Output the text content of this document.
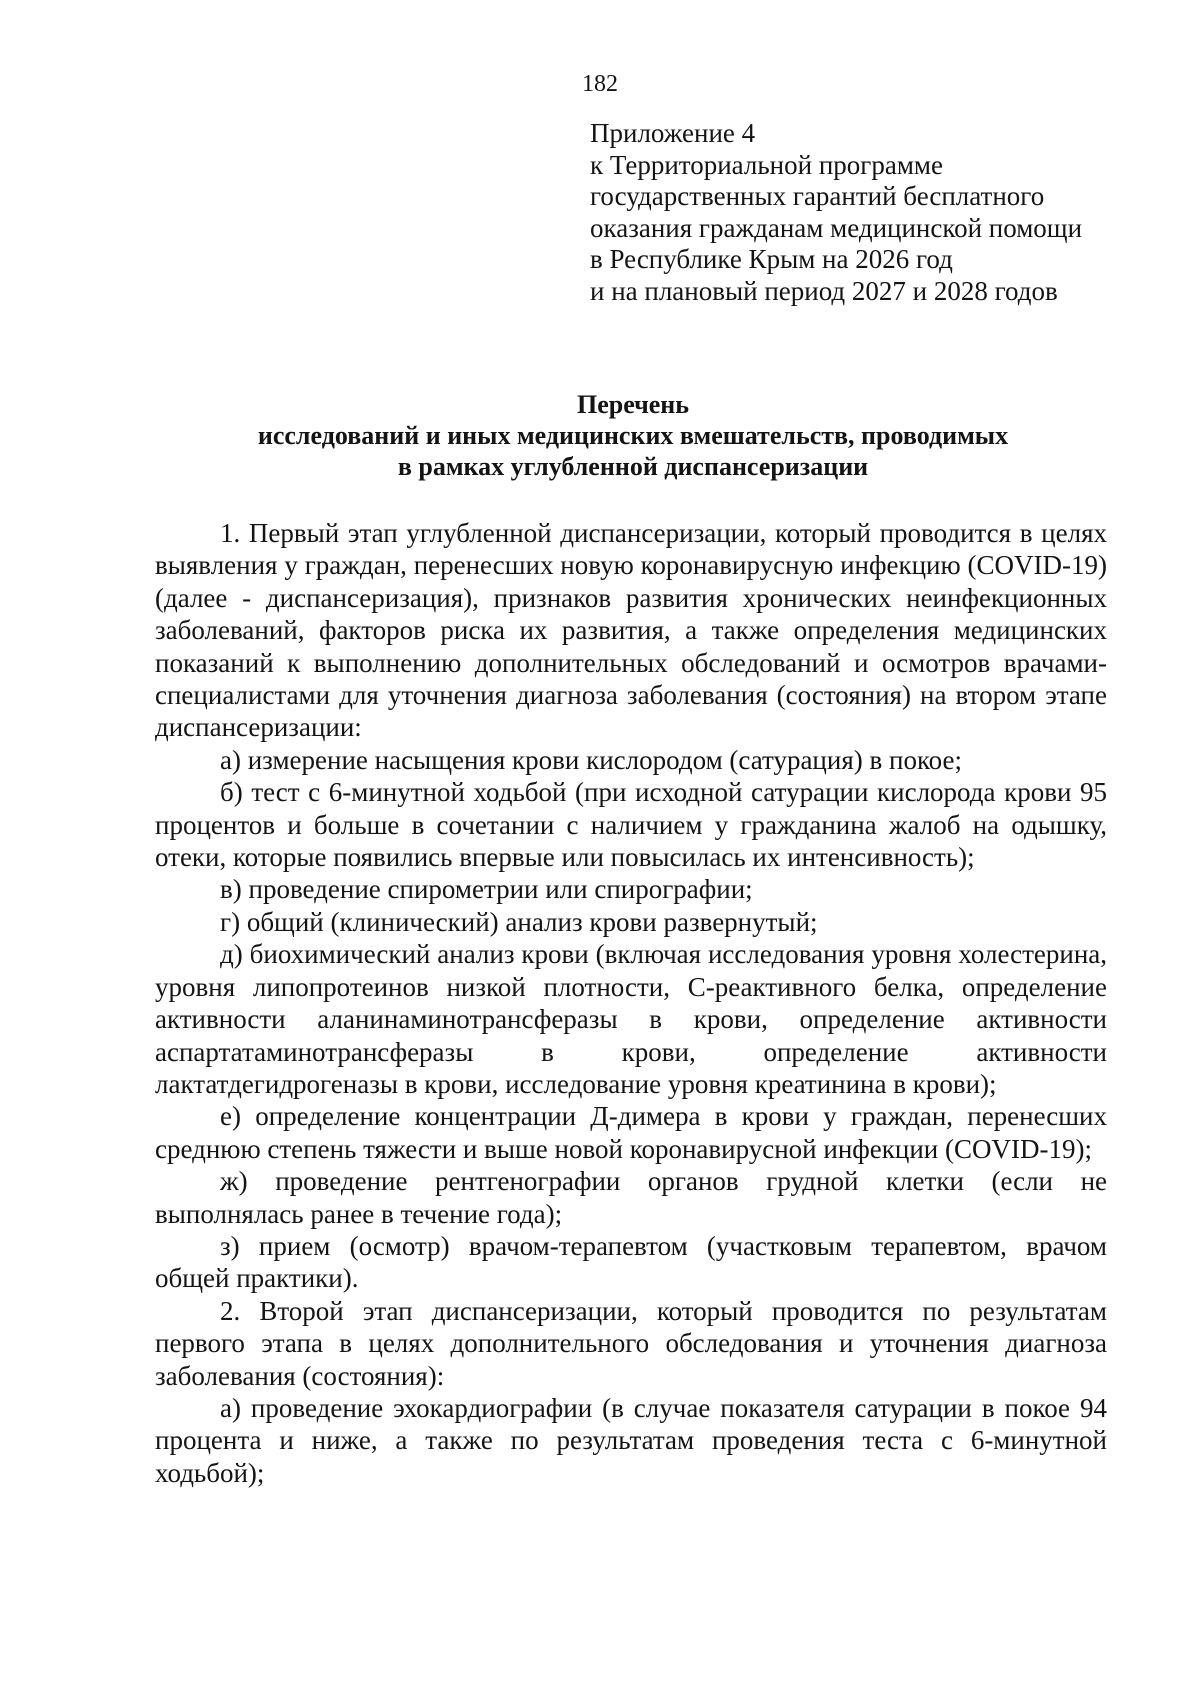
182
Приложение 4
к Территориальной программе
государственных гарантий бесплатного
оказания гражданам медицинской помощи
в Республике Крым на 2026 год
и на плановый период 2027 и 2028 годов
Перечень
исследований и иных медицинских вмешательств, проводимых
в рамках углубленной диспансеризации

1. Первый этап углубленной диспансеризации, который проводится в целях выявления у граждан, перенесших новую коронавирусную инфекцию (COVID-19) (далее - диспансеризация), признаков развития хронических неинфекционных заболеваний, факторов риска их развития, а также определения медицинских показаний к выполнению дополнительных обследований и осмотров врачами-специалистами для уточнения диагноза заболевания (состояния) на втором этапе диспансеризации:

а) измерение насыщения крови кислородом (сатурация) в покое;

б) тест с 6-минутной ходьбой (при исходной сатурации кислорода крови 95 процентов и больше в сочетании с наличием у гражданина жалоб на одышку, отеки, которые появились впервые или повысилась их интенсивность);

в) проведение спирометрии или спирографии;

г) общий (клинический) анализ крови развернутый;

д) биохимический анализ крови (включая исследования уровня холестерина, уровня липопротеинов низкой плотности, С-реактивного белка, определение активности аланинаминотрансферазы в крови, определение активности аспартатаминотрансферазы в крови, определение активности лактатдегидрогеназы в крови, исследование уровня креатинина в крови);

е) определение концентрации Д-димера в крови у граждан, перенесших среднюю степень тяжести и выше новой коронавирусной инфекции (COVID-19);

ж) проведение рентгенографии органов грудной клетки (если не выполнялась ранее в течение года);

з) прием (осмотр) врачом-терапевтом (участковым терапевтом, врачом общей практики).

2. Второй этап диспансеризации, который проводится по результатам первого этапа в целях дополнительного обследования и уточнения диагноза заболевания (состояния):

а) проведение эхокардиографии (в случае показателя сатурации в покое 94 процента и ниже, а также по результатам проведения теста с 6-минутной ходьбой);
